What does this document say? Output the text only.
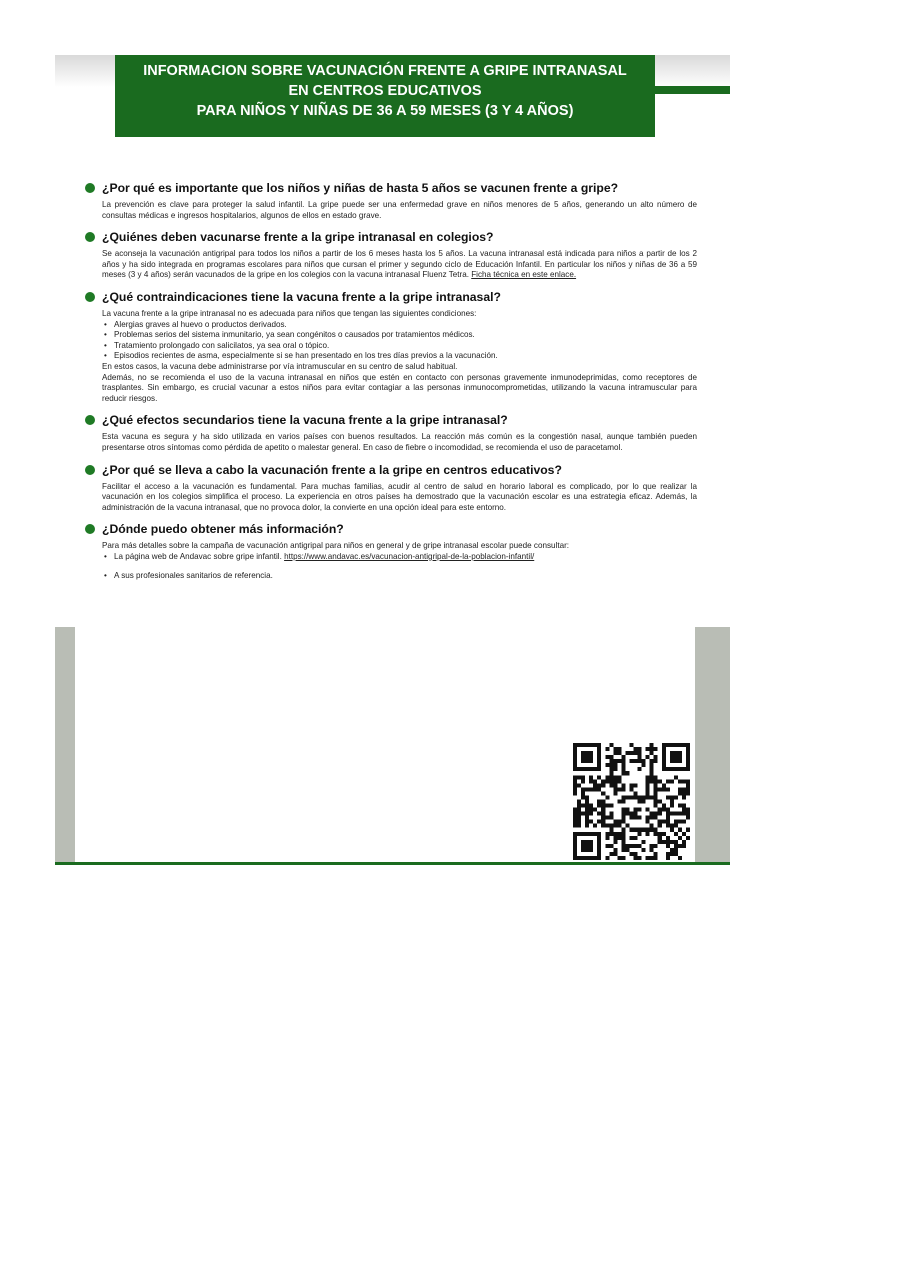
INFORMACION SOBRE VACUNACIÓN FRENTE A GRIPE INTRANASAL
EN CENTROS EDUCATIVOS
PARA NIÑOS Y NIÑAS DE 36 A 59 MESES (3 Y 4 AÑOS)
¿Por qué es importante que los niños y niñas de hasta 5 años se vacunen frente a gripe?

La prevención es clave para proteger la salud infantil. La gripe puede ser una enfermedad grave en niños menores de 5 años, generando un alto número de consultas médicas e ingresos hospitalarios, algunos de ellos en estado grave.

¿Quiénes deben vacunarse frente a la gripe intranasal en colegios?

Se aconseja la vacunación antigripal para todos los niños a partir de los 6 meses hasta los 5 años. La vacuna intranasal está indicada para niños a partir de los 2 años y ha sido integrada en programas escolares para niños que cursan el primer y segundo ciclo de Educación Infantil. En particular los niños y niñas de 36 a 59 meses (3 y 4 años) serán vacunados de la gripe en los colegios con la vacuna intranasal Fluenz Tetra. Ficha técnica en este enlace.

¿Qué contraindicaciones tiene la vacuna frente a la gripe intranasal?

La vacuna frente a la gripe intranasal no es adecuada para niños que tengan las siguientes condiciones:

• Alergias graves al huevo o productos derivados.
• Problemas serios del sistema inmunitario, ya sean congénitos o causados por tratamientos médicos.
• Tratamiento prolongado con salicilatos, ya sea oral o tópico.
• Episodios recientes de asma, especialmente si se han presentado en los tres días previos a la vacunación.

En estos casos, la vacuna debe administrarse por vía intramuscular en su centro de salud habitual.

Además, no se recomienda el uso de la vacuna intranasal en niños que estén en contacto con personas gravemente inmunodeprimidas, como receptores de trasplantes. Sin embargo, es crucial vacunar a estos niños para evitar contagiar a las personas inmunocomprometidas, utilizando la vacuna intramuscular para reducir riesgos.

¿Qué efectos secundarios tiene la vacuna frente a la gripe intranasal?

Esta vacuna es segura y ha sido utilizada en varios países con buenos resultados. La reacción más común es la congestión nasal, aunque también pueden presentarse otros síntomas como pérdida de apetito o malestar general. En caso de fiebre o incomodidad, se recomienda el uso de paracetamol.

¿Por qué se lleva a cabo la vacunación frente a la gripe en centros educativos?

Facilitar el acceso a la vacunación es fundamental. Para muchas familias, acudir al centro de salud en horario laboral es complicado, por lo que realizar la vacunación en los colegios simplifica el proceso. La experiencia en otros países ha demostrado que la vacunación escolar es una estrategia eficaz. Además, la administración de la vacuna intranasal, que no provoca dolor, la convierte en una opción ideal para este entorno.

¿Dónde puedo obtener más información?

Para más detalles sobre la campaña de vacunación antigripal para niños en general y de gripe intranasal escolar puede consultar:

• La página web de Andavac sobre gripe infantil. https://www.andavac.es/vacunacion-antigripal-de-la-poblacion-infantil/
• A sus profesionales sanitarios de referencia.
